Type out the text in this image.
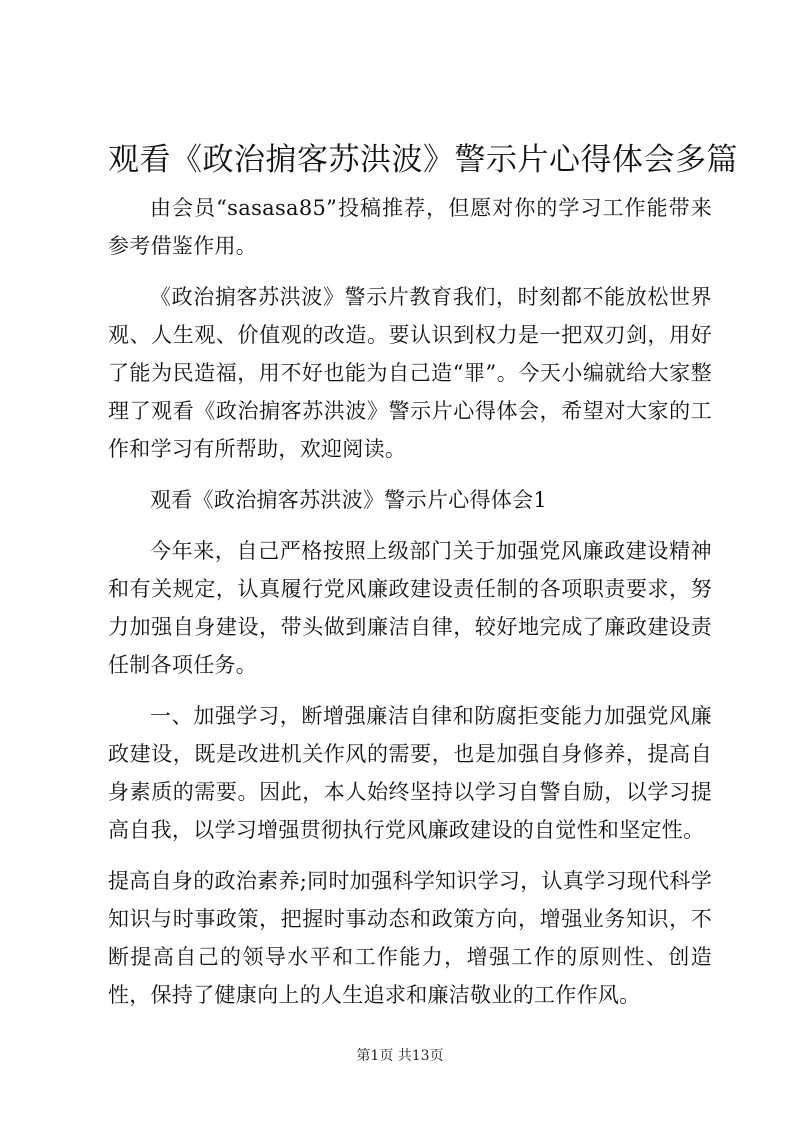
观看《政治掮客苏洪波》警示片心得体会多篇

由会员“sasasa85”投稿推荐，但愿对你的学习工作能带来参考借鉴作用。

《政治掮客苏洪波》警示片教育我们，时刻都不能放松世界观、人生观、价值观的改造。要认识到权力是一把双刃剑，用好了能为民造福，用不好也能为自己造“罪”。今天小编就给大家整理了观看《政治掮客苏洪波》警示片心得体会，希望对大家的工作和学习有所帮助，欢迎阅读。

观看《政治掮客苏洪波》警示片心得体会1

今年来，自己严格按照上级部门关于加强党风廉政建设精神和有关规定，认真履行党风廉政建设责任制的各项职责要求，努力加强自身建设，带头做到廉洁自律，较好地完成了廉政建设责任制各项任务。

一、加强学习，断增强廉洁自律和防腐拒变能力加强党风廉政建设，既是改进机关作风的需要，也是加强自身修养，提高自身素质的需要。因此，本人始终坚持以学习自警自励，以学习提高自我，以学习增强贯彻执行党风廉政建设的自觉性和坚定性。

提高自身的政治素养;同时加强科学知识学习，认真学习现代科学知识与时事政策，把握时事动态和政策方向，增强业务知识，不断提高自己的领导水平和工作能力，增强工作的原则性、创造性，保持了健康向上的人生追求和廉洁敬业的工作作风。

第1页 共13页
